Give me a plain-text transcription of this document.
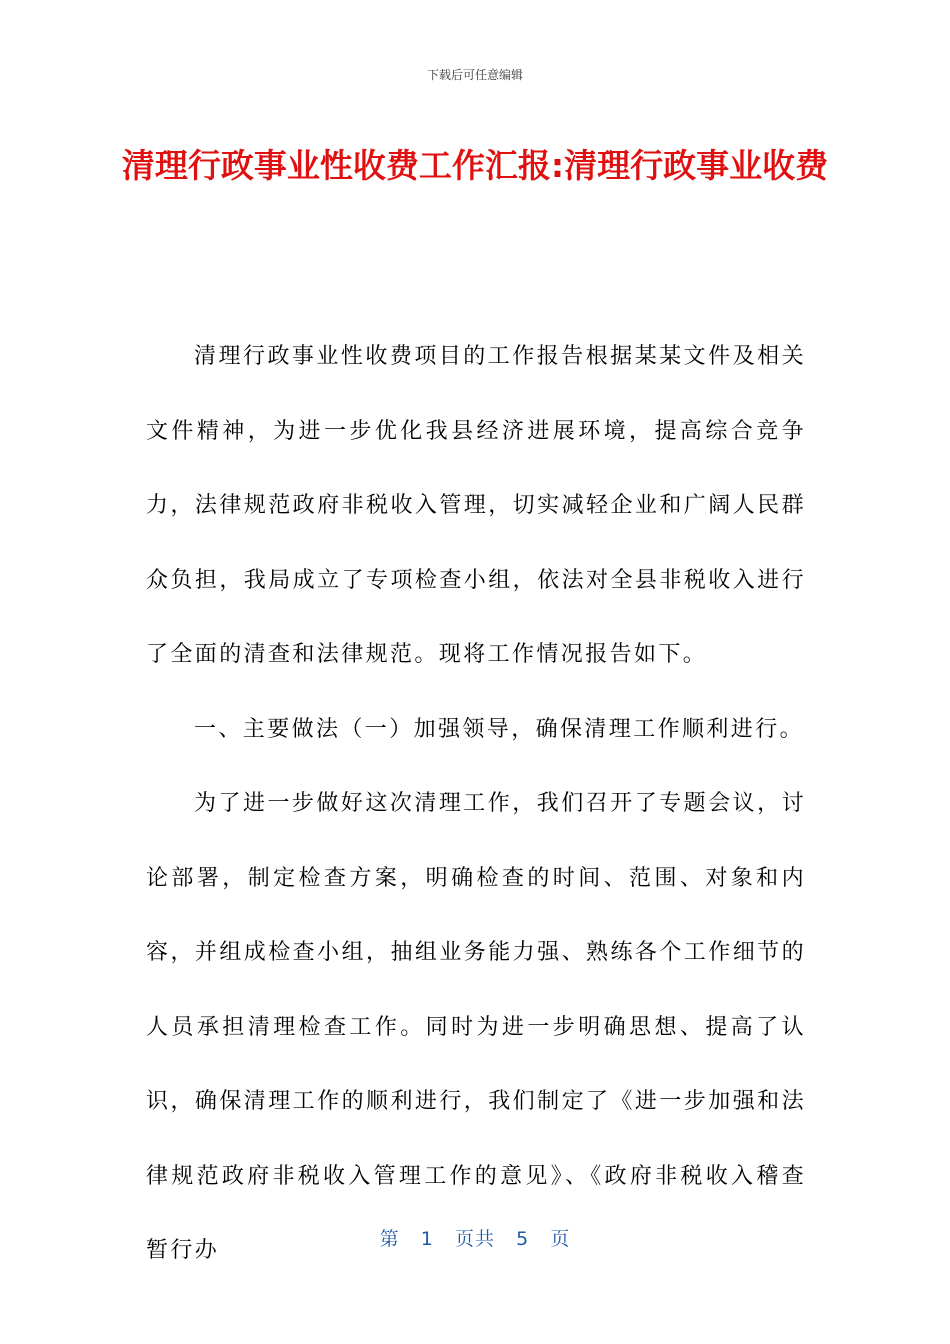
下载后可任意编辑
清理行政事业性收费工作汇报:清理行政事业收费

清理行政事业性收费项目的工作报告根据某某文件及相关文件精神，为进一步优化我县经济进展环境，提高综合竞争力，法律规范政府非税收入管理，切实减轻企业和广阔人民群众负担，我局成立了专项检查小组，依法对全县非税收入进行了全面的清查和法律规范。现将工作情况报告如下。

一、主要做法（一）加强领导，确保清理工作顺利进行。

为了进一步做好这次清理工作，我们召开了专题会议，讨论部署，制定检查方案，明确检查的时间、范围、对象和内容，并组成检查小组，抽组业务能力强、熟练各个工作细节的人员承担清理检查工作。同时为进一步明确思想、提高了认识，确保清理工作的顺利进行，我们制定了《进一步加强和法律规范政府非税收入管理工作的意见》、《政府非税收入稽查暂行办	第 1 页共 5 页
